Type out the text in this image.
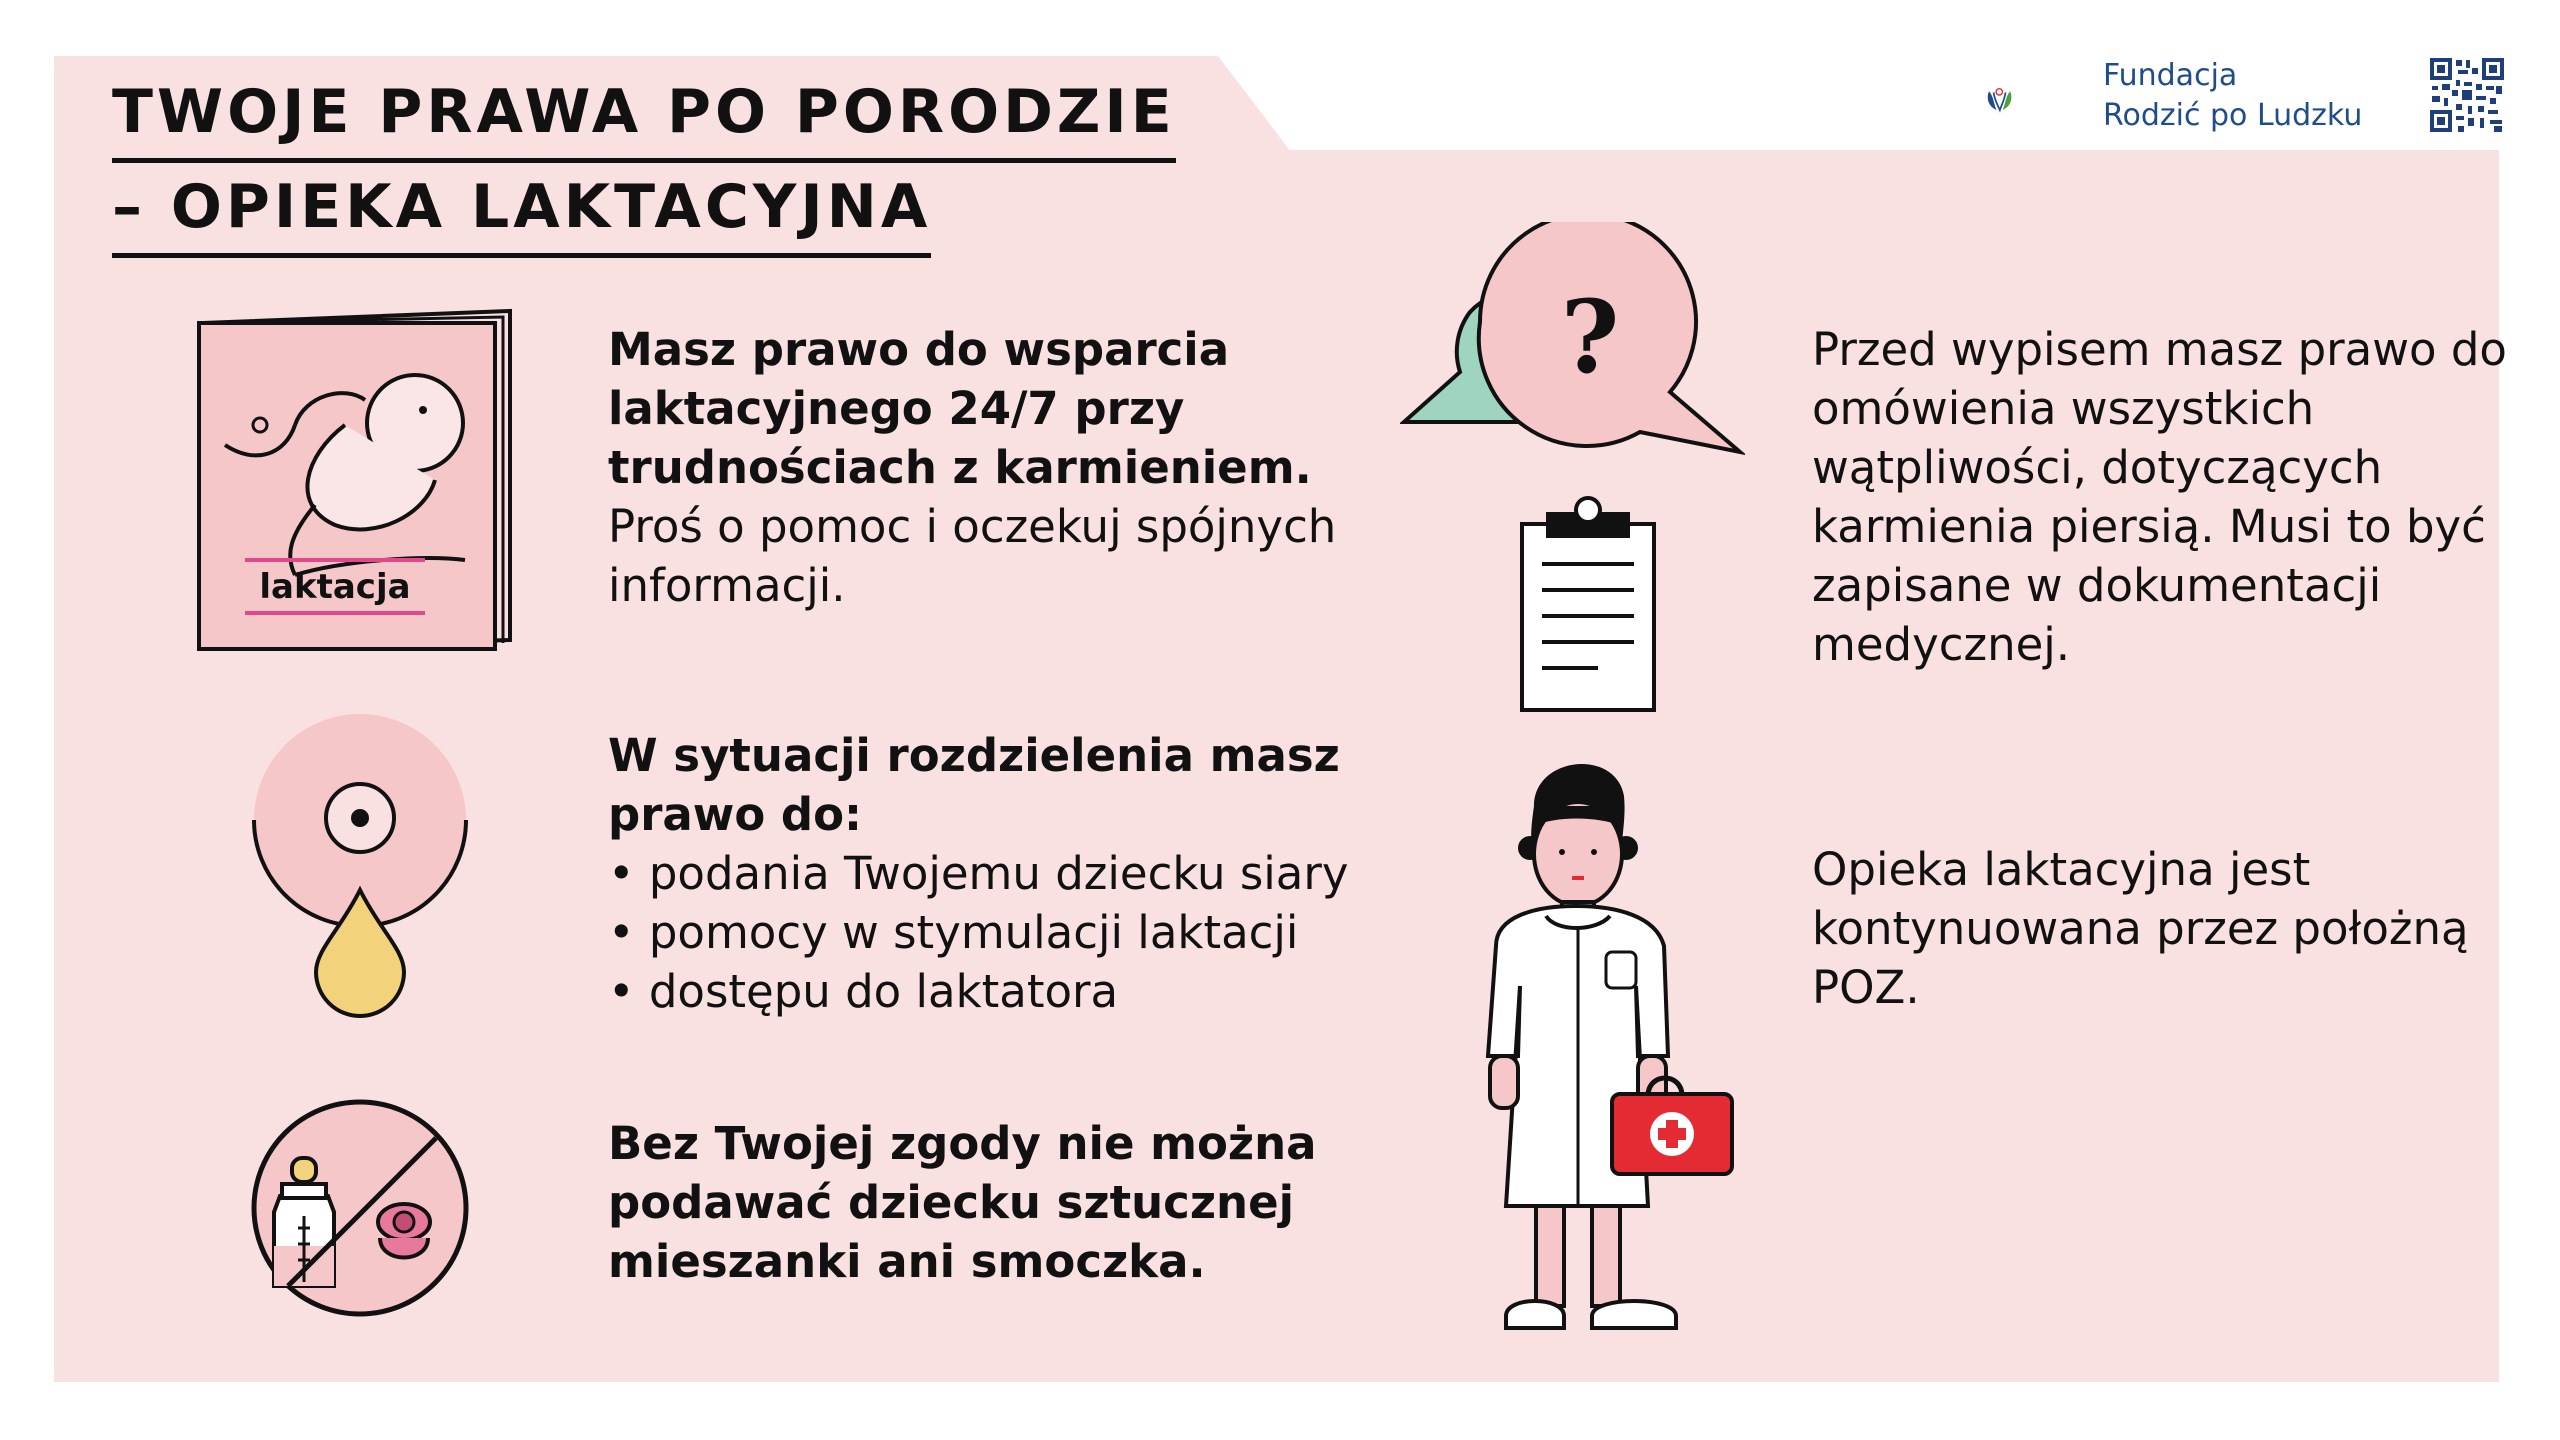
TWOJE PRAWA PO PORODZIE
– OPIEKA LAKTACYJNA
Fundacja
Rodzić po Ludzku
laktacja
?

Masz prawo do wsparcia laktacyjnego 24/7 przy trudnościach z karmieniem.

Proś o pomoc i oczekuj spójnych informacji.

W sytuacji rozdzielenia masz prawo do:

• podania Twojemu dziecku siary
• pomocy w stymulacji laktacji
• dostępu do laktatora

Bez Twojej zgody nie można podawać dziecku sztucznej mieszanki ani smoczka.

Przed wypisem masz prawo do omówienia wszystkich wątpliwości, dotyczących karmienia piersią. Musi to być zapisane w dokumentacji medycznej.

Opieka laktacyjna jest kontynuowana przez położną POZ.
